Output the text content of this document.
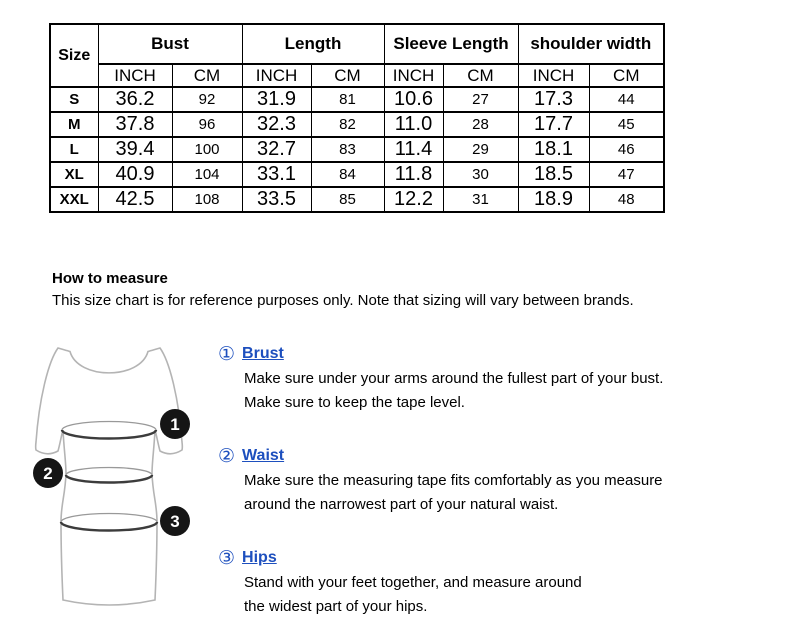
Size	Bust		Length		Sleeve Length		shoulder width	
	INCH	CM	INCH	CM	INCH	CM	INCH	CM
S	36.2	92	31.9	81	10.6	27	17.3	44
M	37.8	96	32.3	82	11.0	28	17.7	45
L	39.4	100	32.7	83	11.4	29	18.1	46
XL	40.9	104	33.1	84	11.8	30	18.5	47
XXL	42.5	108	33.5	85	12.2	31	18.9	48
How to measure
This size chart is for reference purposes only. Note that sizing will vary between brands.
1
2
3
① Brust
Make sure under your arms around the fullest part of your bust.
Make sure to keep the tape level.
② Waist
Make sure the measuring tape fits comfortably as you measure
around the narrowest part of your natural waist.
③ Hips
Stand with your feet together, and measure around
the widest part of your hips.
